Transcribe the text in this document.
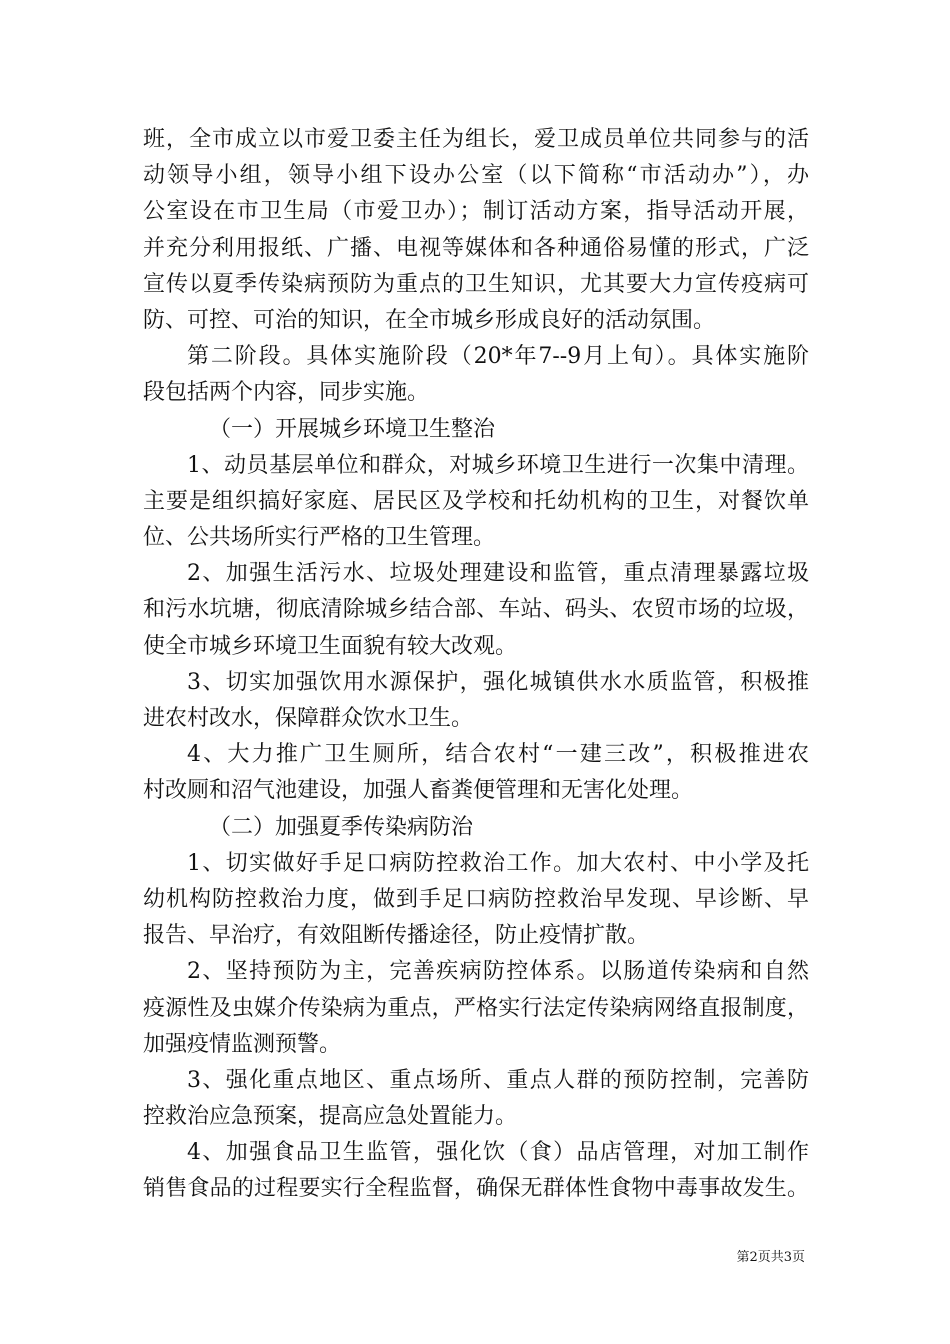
班，全市成立以市爱卫委主任为组长，爱卫成员单位共同参与的活
动领导小组，领导小组下设办公室（以下简称“市活动办”），办
公室设在市卫生局（市爱卫办）；制订活动方案，指导活动开展，
并充分利用报纸、广播、电视等媒体和各种通俗易懂的形式，广泛
宣传以夏季传染病预防为重点的卫生知识，尤其要大力宣传疫病可
防、可控、可治的知识，在全市城乡形成良好的活动氛围。
第二阶段。具体实施阶段（20*年7--9月上旬）。具体实施阶
段包括两个内容，同步实施。
（一）开展城乡环境卫生整治
1、动员基层单位和群众，对城乡环境卫生进行一次集中清理。
主要是组织搞好家庭、居民区及学校和托幼机构的卫生，对餐饮单
位、公共场所实行严格的卫生管理。
2、加强生活污水、垃圾处理建设和监管，重点清理暴露垃圾
和污水坑塘，彻底清除城乡结合部、车站、码头、农贸市场的垃圾，
使全市城乡环境卫生面貌有较大改观。
3、切实加强饮用水源保护，强化城镇供水水质监管，积极推
进农村改水，保障群众饮水卫生。
4、大力推广卫生厕所，结合农村“一建三改”，积极推进农
村改厕和沼气池建设，加强人畜粪便管理和无害化处理。
（二）加强夏季传染病防治
1、切实做好手足口病防控救治工作。加大农村、中小学及托
幼机构防控救治力度，做到手足口病防控救治早发现、早诊断、早
报告、早治疗，有效阻断传播途径，防止疫情扩散。
2、坚持预防为主，完善疾病防控体系。以肠道传染病和自然
疫源性及虫媒介传染病为重点，严格实行法定传染病网络直报制度，
加强疫情监测预警。
3、强化重点地区、重点场所、重点人群的预防控制，完善防
控救治应急预案，提高应急处置能力。
4、加强食品卫生监管，强化饮（食）品店管理，对加工制作
销售食品的过程要实行全程监督，确保无群体性食物中毒事故发生。
第2页共3页
